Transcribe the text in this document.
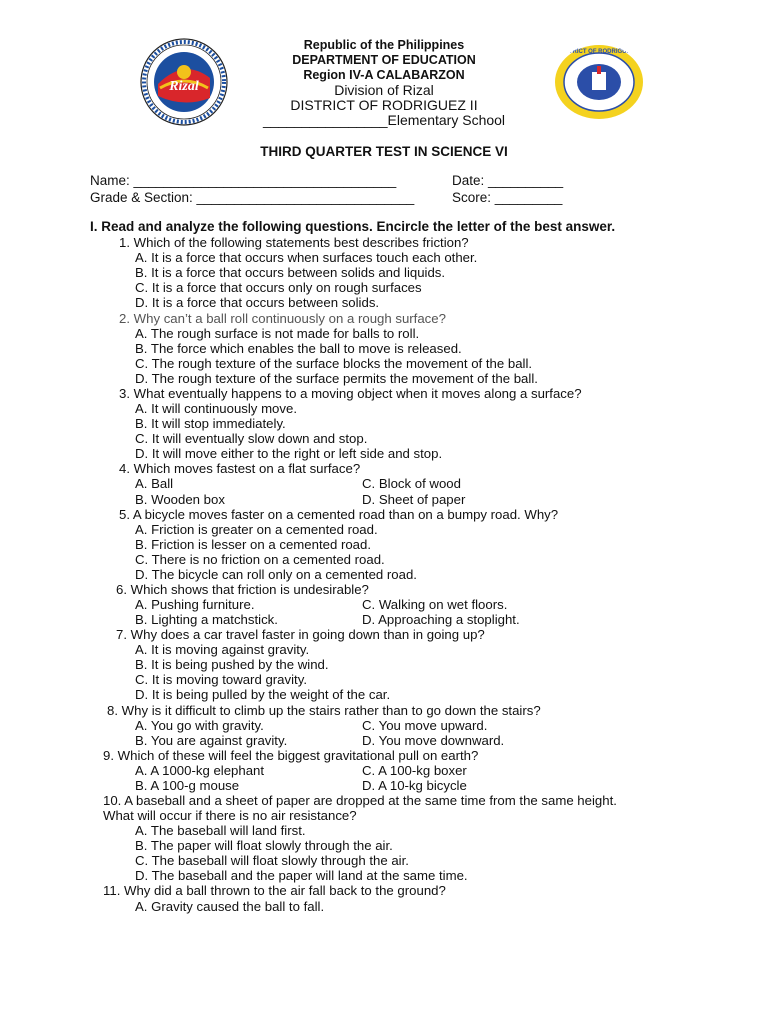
Rizal
DISTRICT OF RODRIGUEZ II
Republic of the Philippines
DEPARTMENT OF EDUCATION
Region IV-A CALABARZON
Division of Rizal
DISTRICT OF RODRIGUEZ II
________________Elementary School
THIRD QUARTER TEST IN SCIENCE VI
Name: ___________________________________	Date: __________
Grade & Section: _____________________________	Score: _________
I. Read and analyze the following questions. Encircle the letter of the best answer.
1. Which of the following statements best describes friction?
A. It is a force that occurs when surfaces touch each other.
B. It is a force that occurs between solids and liquids.
C. It is a force that occurs only on rough surfaces
D. It is a force that occurs between solids.
2. Why can’t a ball roll continuously on a rough surface?
A. The rough surface is not made for balls to roll.
B. The force which enables the ball to move is released.
C. The rough texture of the surface blocks the movement of the ball.
D. The rough texture of the surface permits the movement of the ball.
3. What eventually happens to a moving object when it moves along a surface?
A. It will continuously move.
B. It will stop immediately.
C. It will eventually slow down and stop.
D. It will move either to the right or left side and stop.
4. Which moves fastest on a flat surface?
A. Ball	C. Block of wood
B. Wooden box	D. Sheet of paper
5. A bicycle moves faster on a cemented road than on a bumpy road. Why?
A. Friction is greater on a cemented road.
B. Friction is lesser on a cemented road.
C. There is no friction on a cemented road.
D. The bicycle can roll only on a cemented road.
6. Which shows that friction is undesirable?
A. Pushing furniture.	C. Walking on wet floors.
B. Lighting a matchstick.	D. Approaching a stoplight.
7. Why does a car travel faster in going down than in going up?
A. It is moving against gravity.
B. It is being pushed by the wind.
C. It is moving toward gravity.
D. It is being pulled by the weight of the car.
8. Why is it difficult to climb up the stairs rather than to go down the stairs?
A. You go with gravity.	C. You move upward.
B. You are against gravity.	D. You move downward.
9. Which of these will feel the biggest gravitational pull on earth?
A. A 1000-kg elephant	C. A 100-kg boxer
B. A 100-g mouse	D. A 10-kg bicycle
10. A baseball and a sheet of paper are dropped at the same time from the same height.
What will occur if there is no air resistance?
A. The baseball will land first.
B. The paper will float slowly through the air.
C. The baseball will float slowly through the air.
D. The baseball and the paper will land at the same time.
11. Why did a ball thrown to the air fall back to the ground?
A. Gravity caused the ball to fall.
